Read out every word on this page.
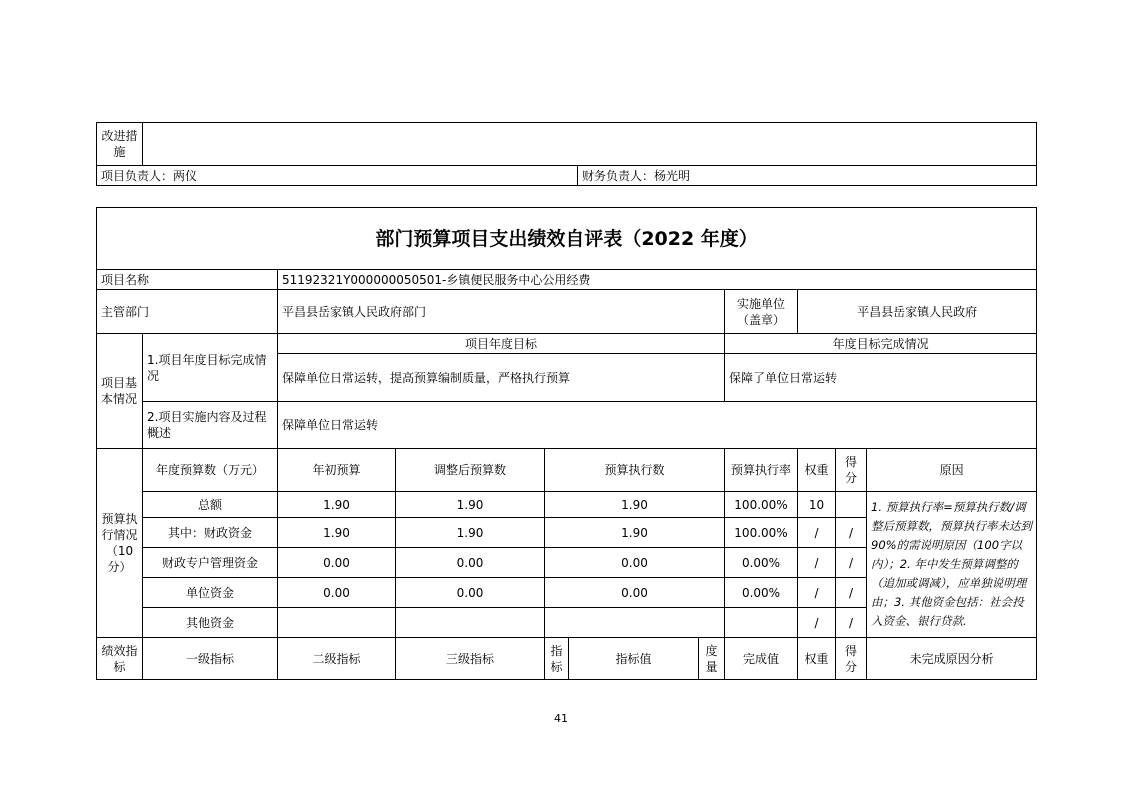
改进措施		
项目负责人：两仪		财务负责人：杨光明
部门预算项目支出绩效自评表（2022 年度）										
项目名称		51192321Y000000050501-乡镇便民服务中心公用经费								
主管部门		平昌县岳家镇人民政府部门					实施单位（盖章）	平昌县岳家镇人民政府		
项目基本情况	1.项目年度目标完成情况	项目年度目标					年度目标完成情况			
		保障单位日常运转，提高预算编制质量，严格执行预算					保障了单位日常运转			
	2.项目实施内容及过程概述	保障单位日常运转								
预算执行情况（10分）	年度预算数（万元）	年初预算	调整后预算数	预算执行数			预算执行率	权重	得分	原因
	总额	1.90	1.90	1.90			100.00%	10		1. 预算执行率=预算执行数/调整后预算数，预算执行率未达到90%的需说明原因（100字以内）；2. 年中发生预算调整的（追加或调减），应单独说明理由；3. 其他资金包括：社会投入资金、银行贷款.
	其中：财政资金	1.90	1.90	1.90			100.00%	/	/	
	财政专户管理资金	0.00	0.00	0.00			0.00%	/	/	
	单位资金	0.00	0.00	0.00			0.00%	/	/	
	其他资金							/	/	
绩效指标	一级指标	二级指标	三级指标	指标	指标值	度量	完成值	权重	得分	未完成原因分析
41
